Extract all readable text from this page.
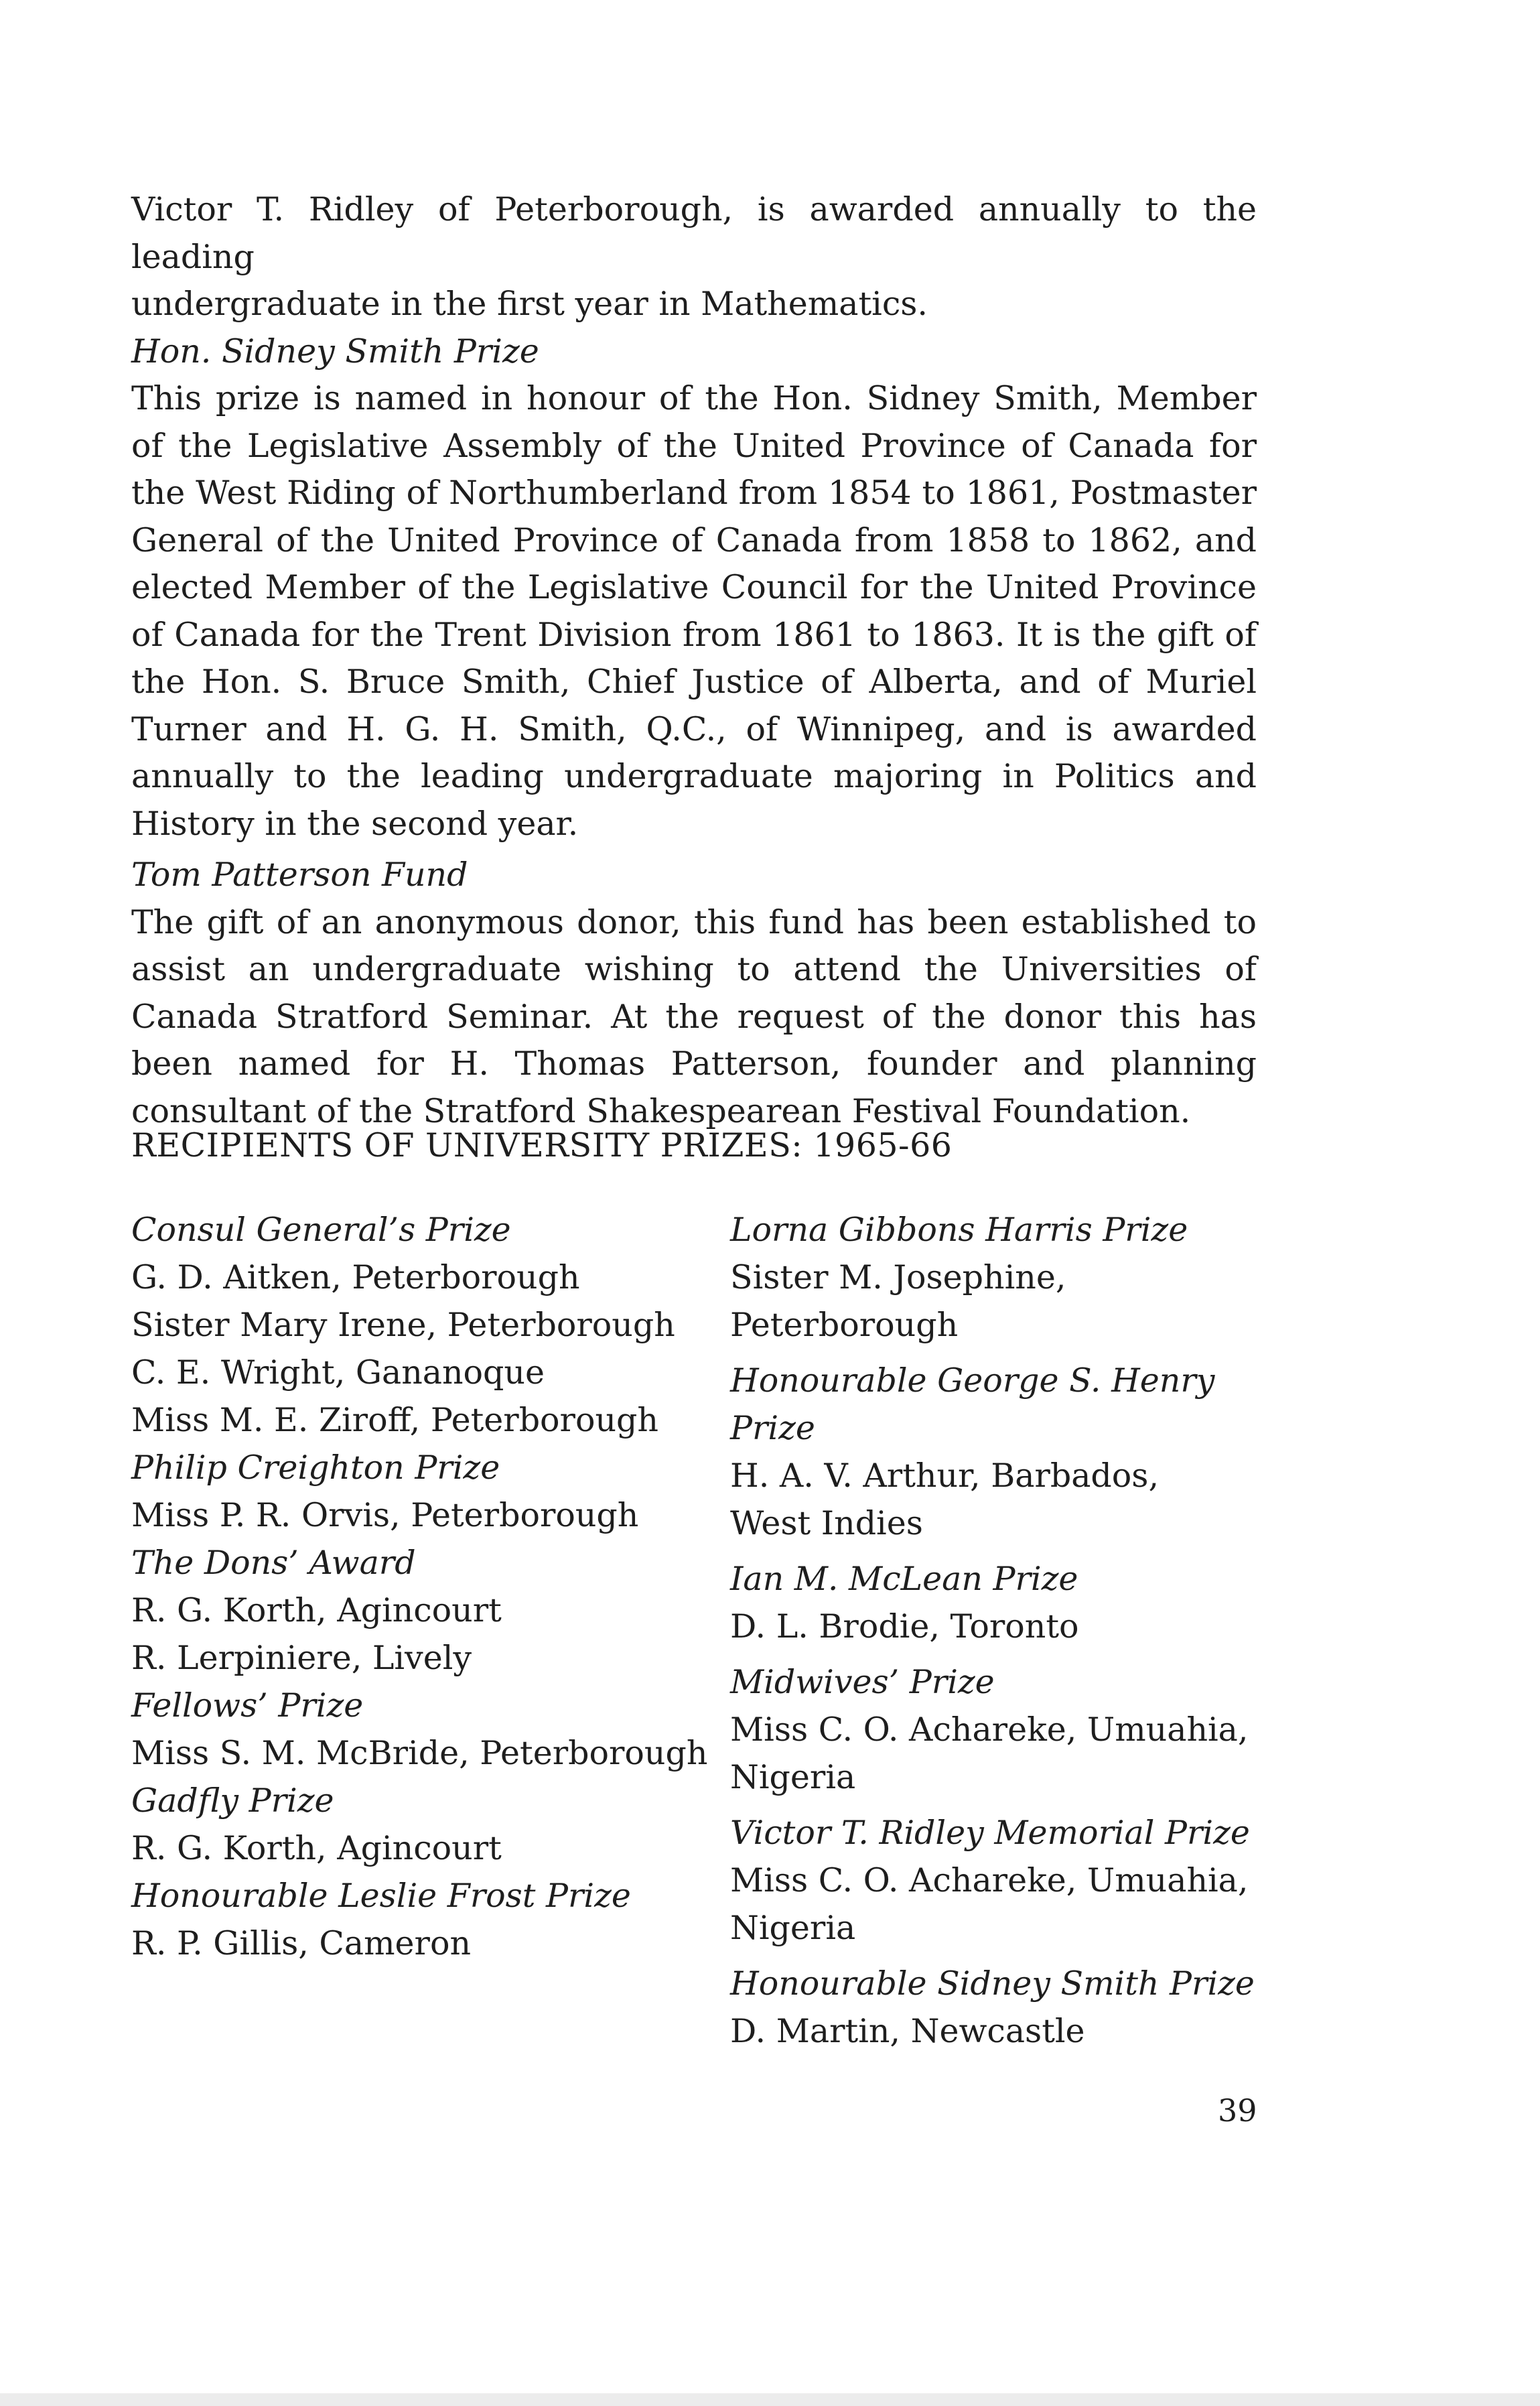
Victor T. Ridley of Peterborough, is awarded annually to the leading

undergraduate in the first year in Mathematics.

Hon. Sidney Smith Prize

This prize is named in honour of the Hon. Sidney Smith, Member of the Legislative Assembly of the United Province of Canada for the West Riding of Northumberland from 1854 to 1861, Postmaster General of the United Province of Canada from 1858 to 1862, and elected Member of the Legislative Council for the United Province of Canada for the Trent Division from 1861 to 1863. It is the gift of the Hon. S. Bruce Smith, Chief Justice of Alberta, and of Muriel Turner and H. G. H. Smith, Q.C., of Winnipeg, and is awarded annually to the leading undergraduate majoring in Politics and History in the second year.

Tom Patterson Fund

The gift of an anonymous donor, this fund has been established to assist an undergraduate wishing to attend the Universities of Canada Stratford Seminar. At the request of the donor this has been named for H. Thomas Patterson, founder and planning consultant of the Stratford Shakespearean Festival Foundation.

RECIPIENTS OF UNIVERSITY PRIZES: 1965-66

Consul General’s Prize

G. D. Aitken, Peterborough

Sister Mary Irene, Peterborough

C. E. Wright, Gananoque

Miss M. E. Ziroff, Peterborough

Philip Creighton Prize

Miss P. R. Orvis, Peterborough

The Dons’ Award

R. G. Korth, Agincourt

R. Lerpiniere, Lively

Fellows’ Prize

Miss S. M. McBride, Peterborough

Gadfly Prize

R. G. Korth, Agincourt

Honourable Leslie Frost Prize

R. P. Gillis, Cameron

Lorna Gibbons Harris Prize

Sister M. Josephine, Peterborough

Honourable George S. Henry Prize

H. A. V. Arthur, Barbados,

West Indies

Ian M. McLean Prize

D. L. Brodie, Toronto

Midwives’ Prize

Miss C. O. Achareke, Umuahia,

Nigeria

Victor T. Ridley Memorial Prize

Miss C. O. Achareke, Umuahia,

Nigeria

Honourable Sidney Smith Prize

D. Martin, Newcastle

39
